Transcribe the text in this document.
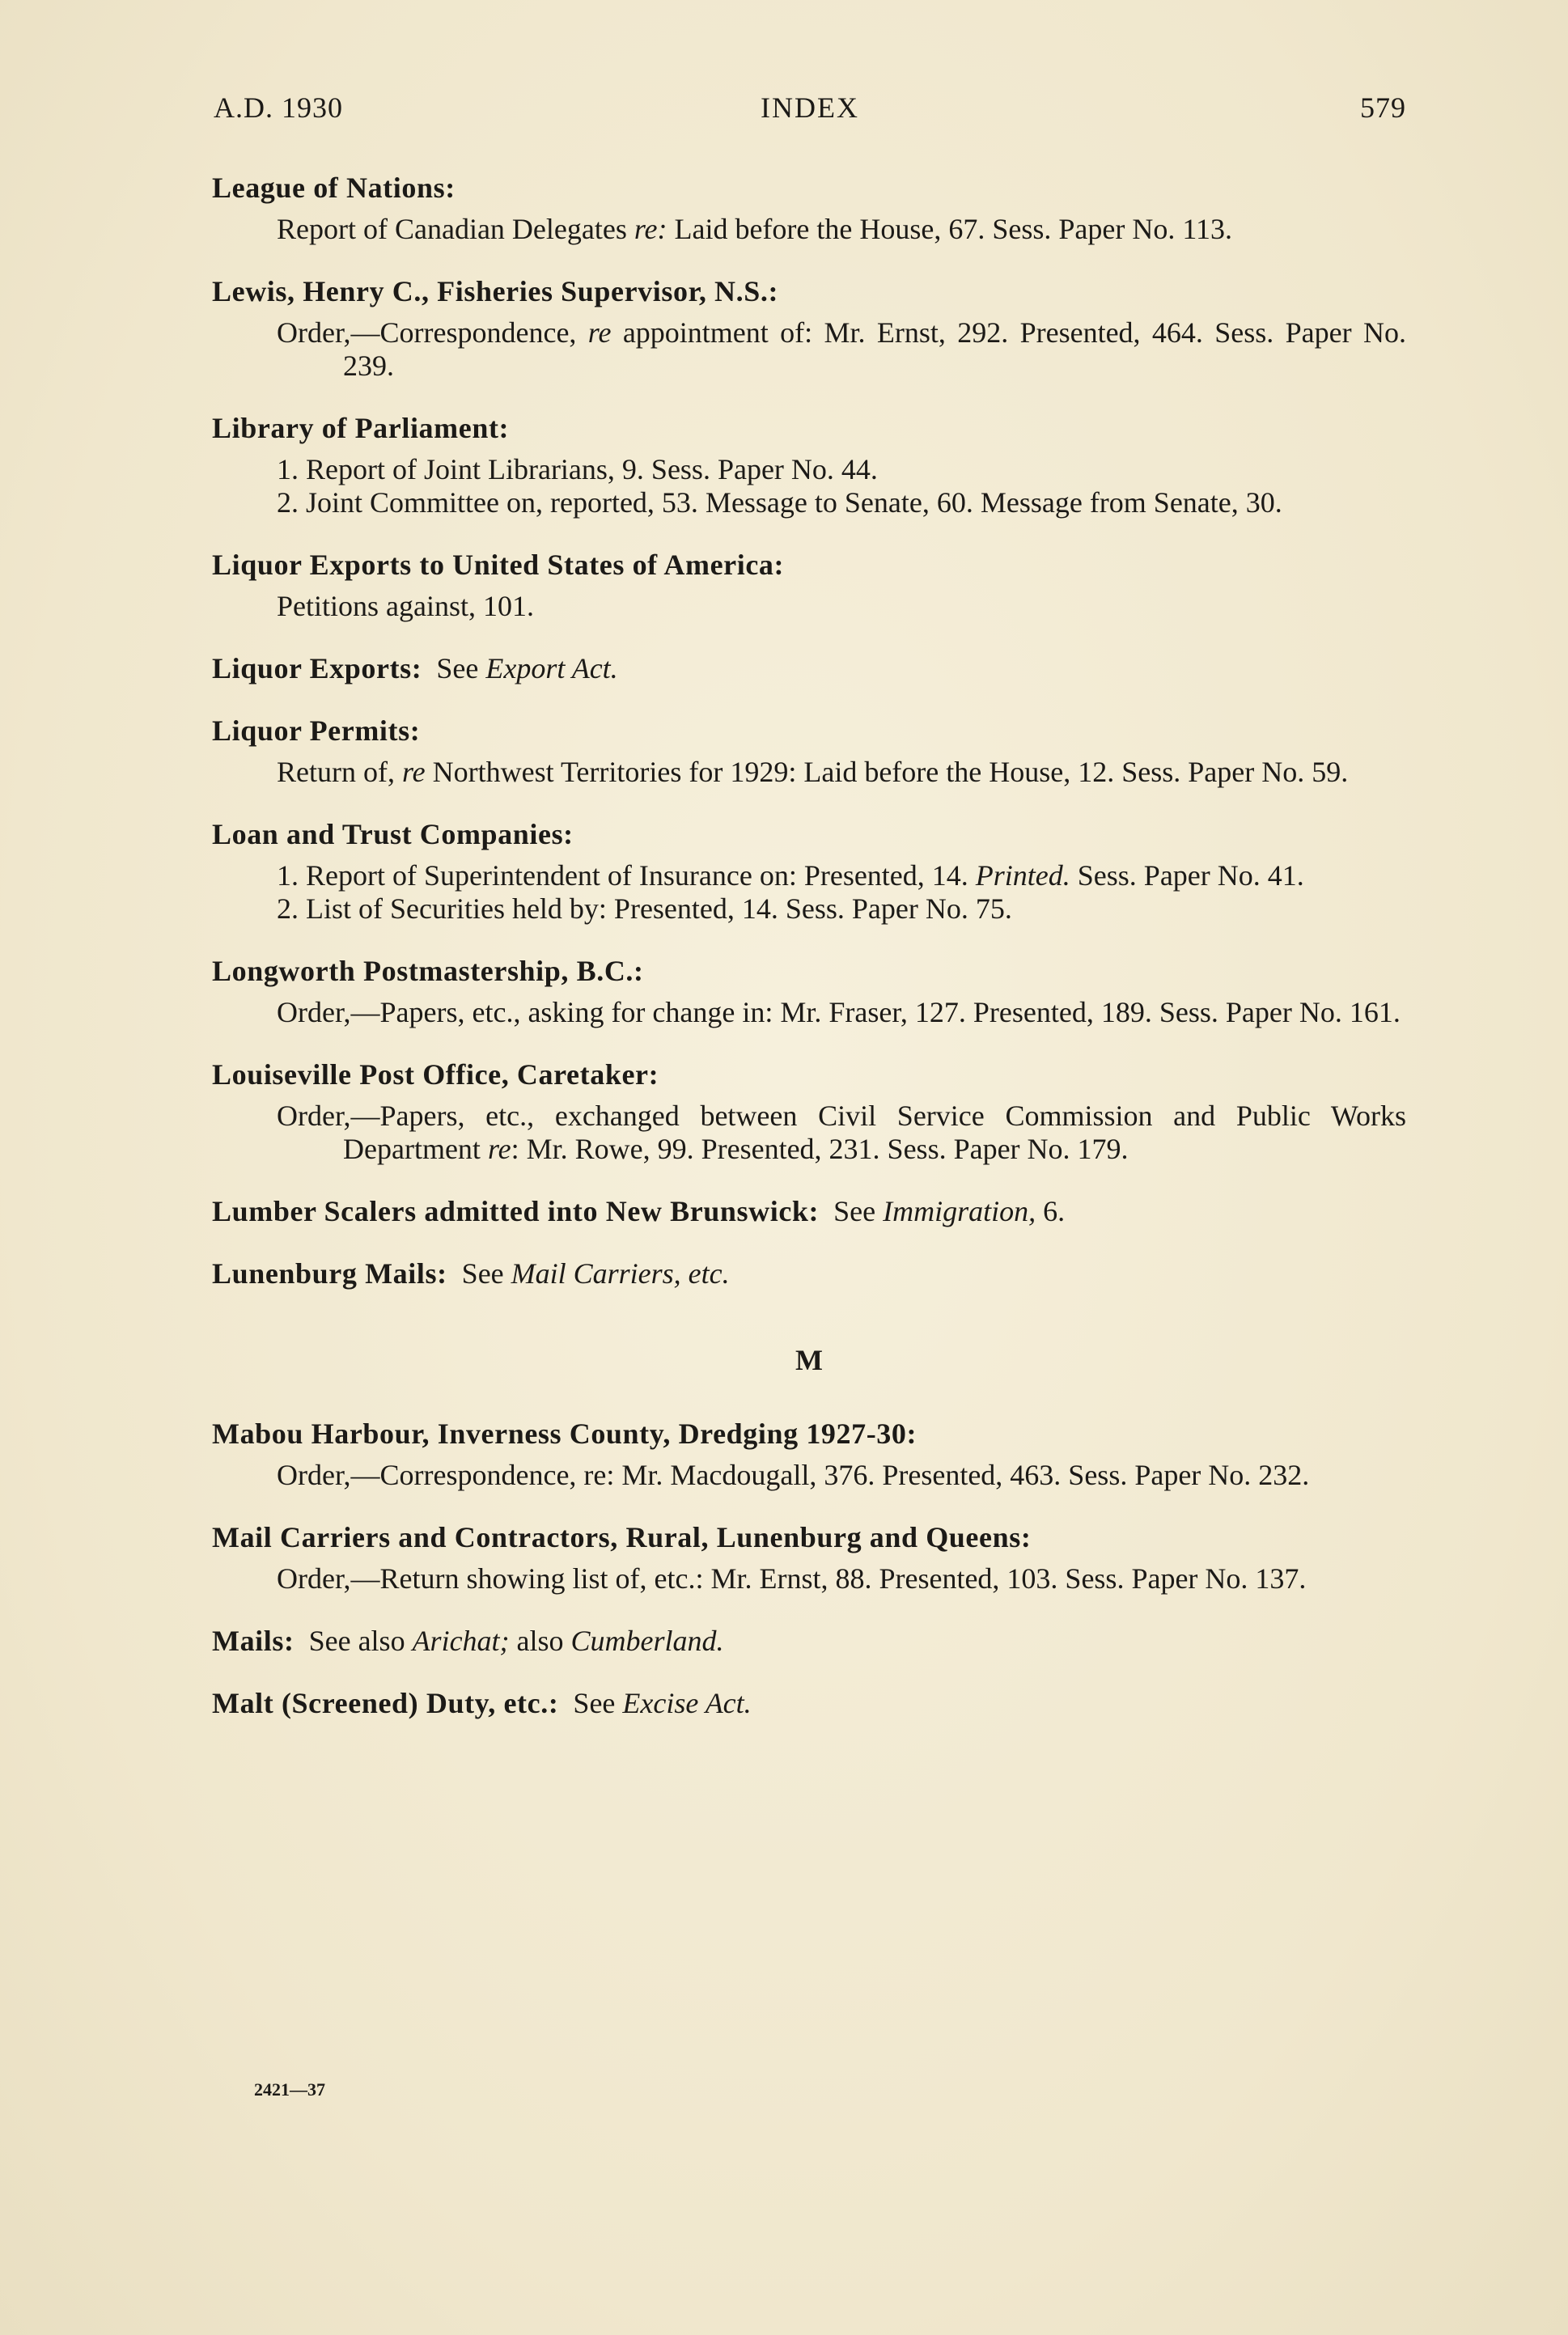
A.D. 1930	INDEX	579
League of Nations:

Report of Canadian Delegates re: Laid before the House, 67. Sess. Paper No. 113.

Lewis, Henry C., Fisheries Supervisor, N.S.:

Order,—Correspondence, re appointment of: Mr. Ernst, 292. Presented, 464. Sess. Paper No. 239.

Library of Parliament:

1. Report of Joint Librarians, 9. Sess. Paper No. 44.

2. Joint Committee on, reported, 53. Message to Senate, 60. Message from Senate, 30.

Liquor Exports to United States of America:

Petitions against, 101.

Liquor Exports: See Export Act.
Liquor Permits:

Return of, re Northwest Territories for 1929: Laid before the House, 12. Sess. Paper No. 59.

Loan and Trust Companies:

1. Report of Superintendent of Insurance on: Presented, 14. Printed. Sess. Paper No. 41.

2. List of Securities held by: Presented, 14. Sess. Paper No. 75.

Longworth Postmastership, B.C.:

Order,—Papers, etc., asking for change in: Mr. Fraser, 127. Presented, 189. Sess. Paper No. 161.

Louiseville Post Office, Caretaker:

Order,—Papers, etc., exchanged between Civil Service Commission and Public Works Department re: Mr. Rowe, 99. Presented, 231. Sess. Paper No. 179.

Lumber Scalers admitted into New Brunswick: See Immigration, 6.
Lunenburg Mails: See Mail Carriers, etc.
M
Mabou Harbour, Inverness County, Dredging 1927-30:

Order,—Correspondence, re: Mr. Macdougall, 376. Presented, 463. Sess. Paper No. 232.

Mail Carriers and Contractors, Rural, Lunenburg and Queens:

Order,—Return showing list of, etc.: Mr. Ernst, 88. Presented, 103. Sess. Paper No. 137.

Mails: See also Arichat; also Cumberland.
Malt (Screened) Duty, etc.: See Excise Act.
2421—37
